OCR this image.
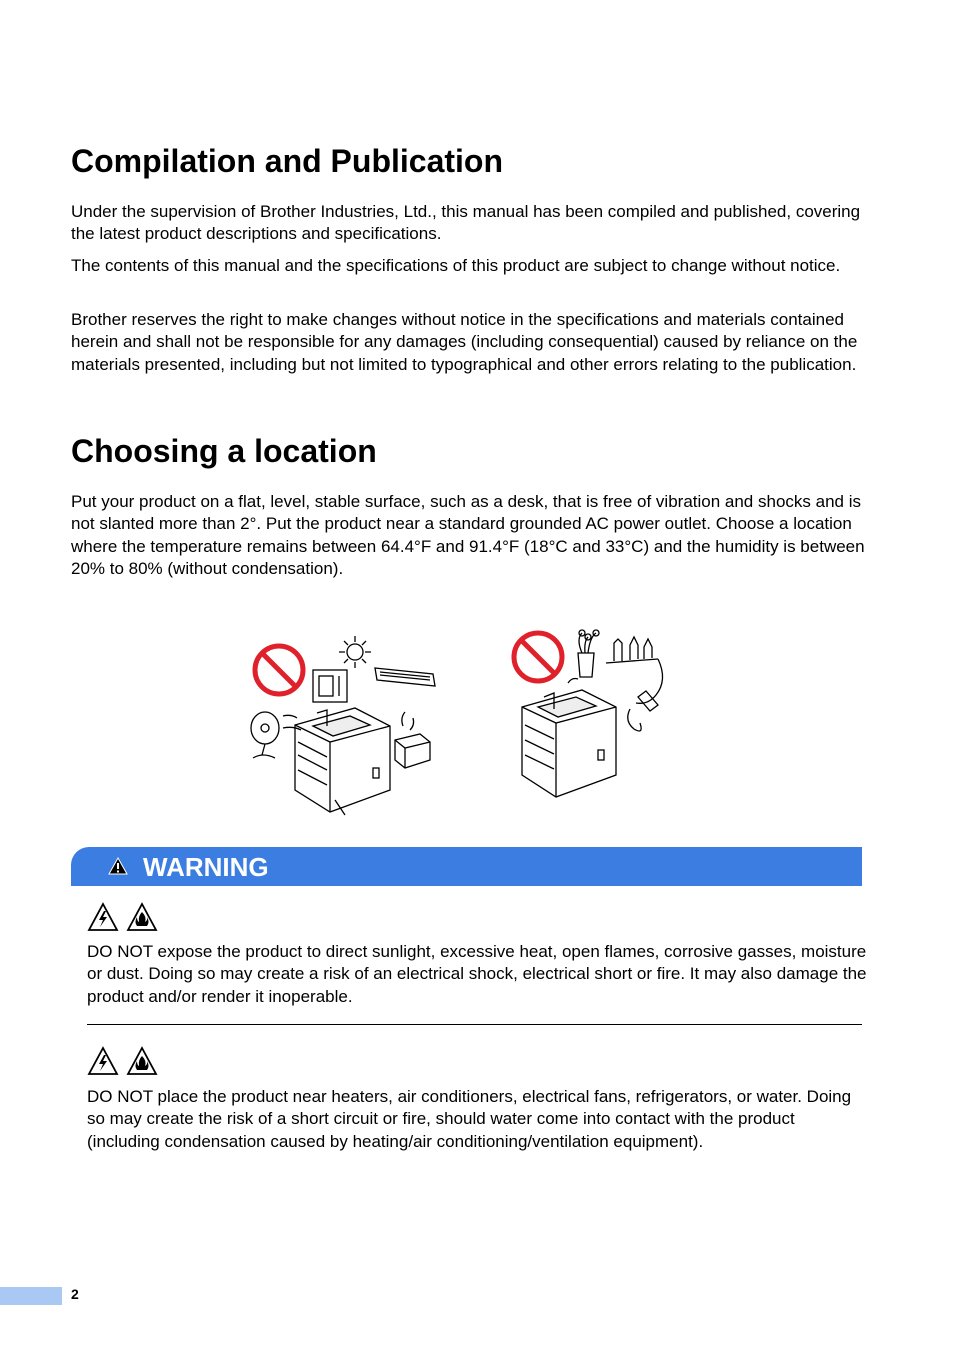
Compilation and Publication

Under the supervision of Brother Industries, Ltd., this manual has been compiled and published, covering the latest product descriptions and specifications.

The contents of this manual and the specifications of this product are subject to change without notice.

Brother reserves the right to make changes without notice in the specifications and materials contained herein and shall not be responsible for any damages (including consequential) caused by reliance on the materials presented, including but not limited to typographical and other errors relating to the publication.

Choosing a location

Put your product on a flat, level, stable surface, such as a desk, that is free of vibration and shocks and is not slanted more than 2°. Put the product near a standard grounded AC power outlet. Choose a location where the temperature remains between 64.4°F and 91.4°F (18°C and 33°C) and the humidity is between 20% to 80% (without condensation).

WARNING

DO NOT expose the product to direct sunlight, excessive heat, open flames, corrosive gasses, moisture or dust. Doing so may create a risk of an electrical shock, electrical short or fire. It may also damage the product and/or render it inoperable.

DO NOT place the product near heaters, air conditioners, electrical fans, refrigerators, or water. Doing so may create the risk of a short circuit or fire, should water come into contact with the product (including condensation caused by heating/air conditioning/ventilation equipment).

2
